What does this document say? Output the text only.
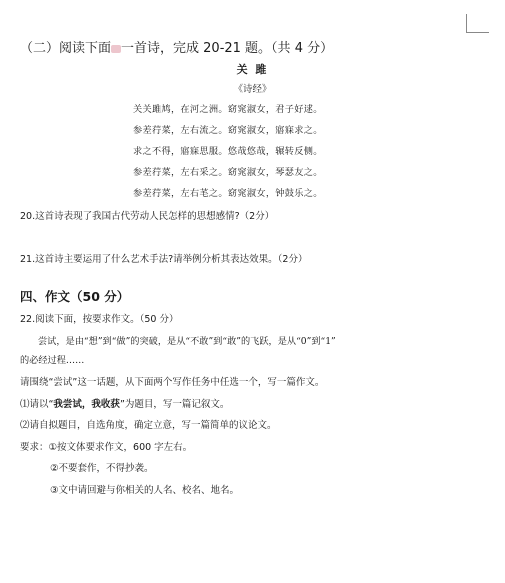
（二）阅读下面 一首诗，完成 20-21 题。（共 4 分）
关 雎
《诗经》
关关雎鸠，在河之洲。窈窕淑女，君子好逑。
参差荇菜，左右流之。窈窕淑女，寤寐求之。
求之不得，寤寐思服。悠哉悠哉，辗转反侧。
参差荇菜，左右采之。窈窕淑女，琴瑟友之。
参差荇菜，左右芼之。窈窕淑女，钟鼓乐之。
20.这首诗表现了我国古代劳动人民怎样的思想感情?（2分）
21.这首诗主要运用了什么艺术手法?请举例分析其表达效果。（2分）
四、作文（50 分）
22.阅读下面，按要求作文。（50 分）
尝试，是由“想”到“做”的突破，是从“不敢”到“敢”的飞跃，是从“0”到“1”
的必经过程……
请围绕“尝试”这一话题，从下面两个写作任务中任选一个，写一篇作文。
⑴请以“我尝试，我收获”为题目，写一篇记叙文。
⑵请自拟题目，自选角度，确定立意，写一篇简单的议论文。
要求：①按文体要求作文，600 字左右。
②不要套作，不得抄袭。
③文中请回避与你相关的人名、校名、地名。
